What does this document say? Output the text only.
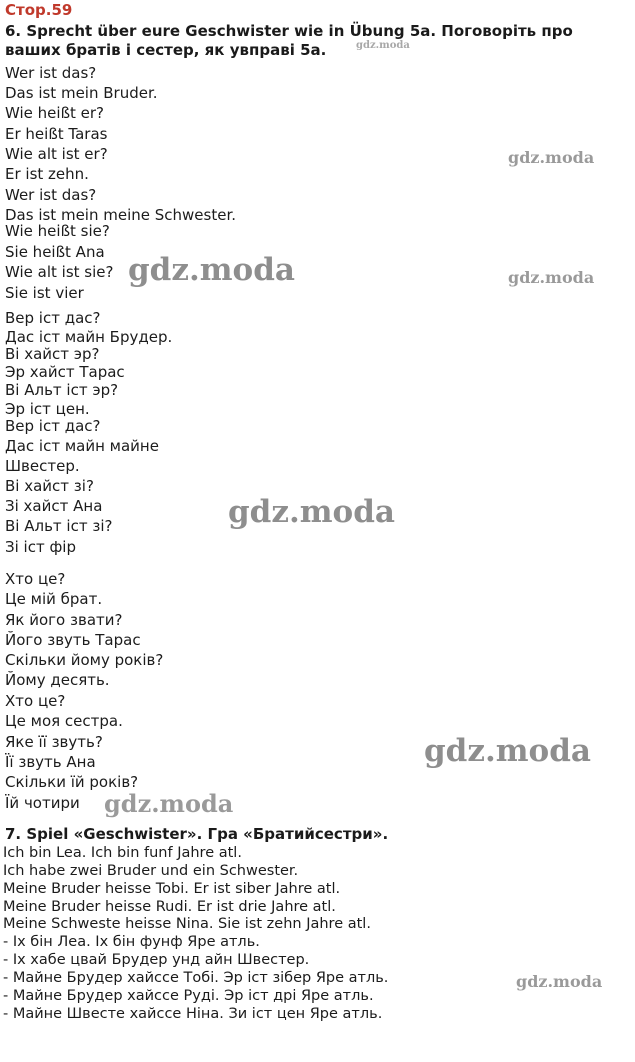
Стор.59

6. Sprecht über eure Geschwister wie in Übung 5a. Поговоріть про

ваших братів і сестер, як увправі 5а.

Wer ist das?

Das ist mein Bruder.

Wie heißt er?

Er heißt Taras

Wie alt ist er?

Er ist zehn.

Wer ist das?

Das ist mein meine Schwester.

Wie heißt sie?

Sie heißt Ana

Wie alt ist sie?

Sie ist vier

Вер іст дас?

Дас іст майн Брудер.

Ві хайст эр?

Эр хайст Тарас

Ві Альт іст эр?

Эр іст цен.

Вер іст дас?

Дас іст майн майне

Швестер.

Ві хайст зі?

Зі хайст Ана

Ві Альт іст зі?

Зі іст фір

Хто це?

Це мій брат.

Як його звати?

Його звуть Тарас

Скільки йому років?

Йому десять.

Хто це?

Це моя сестра.

Яке її звуть?

Її звуть Ана

Скільки їй років?

Їй чотири

7. Spiel «Geschwister». Гра «Братийсестри».

Ich bin Lea. Ich bin funf Jahre atl.

Ich habe zwei Bruder und ein Schwester.

Meine Bruder heisse Tobi. Er ist siber Jahre atl.

Meine Bruder heisse Rudi. Er ist drie Jahre atl.

Meine Schweste heisse Nina. Sie ist zehn Jahre atl.

- Іх бін Леа. Іх бін фунф Яре атль.

- Іх хабе цвай Брудер унд айн Швестер.

- Майне Брудер хайссе Тобі. Эр іст зібер Яре атль.

- Майне Брудер хайссе Руді. Эр іст дрі Яре атль.

- Майне Швесте хайссе Ніна. Зи іст цен Яре атль.

gdz.moda
gdz.moda
gdz.moda	gdz.moda
gdz.moda
gdz.moda
gdz.moda
gdz.moda
